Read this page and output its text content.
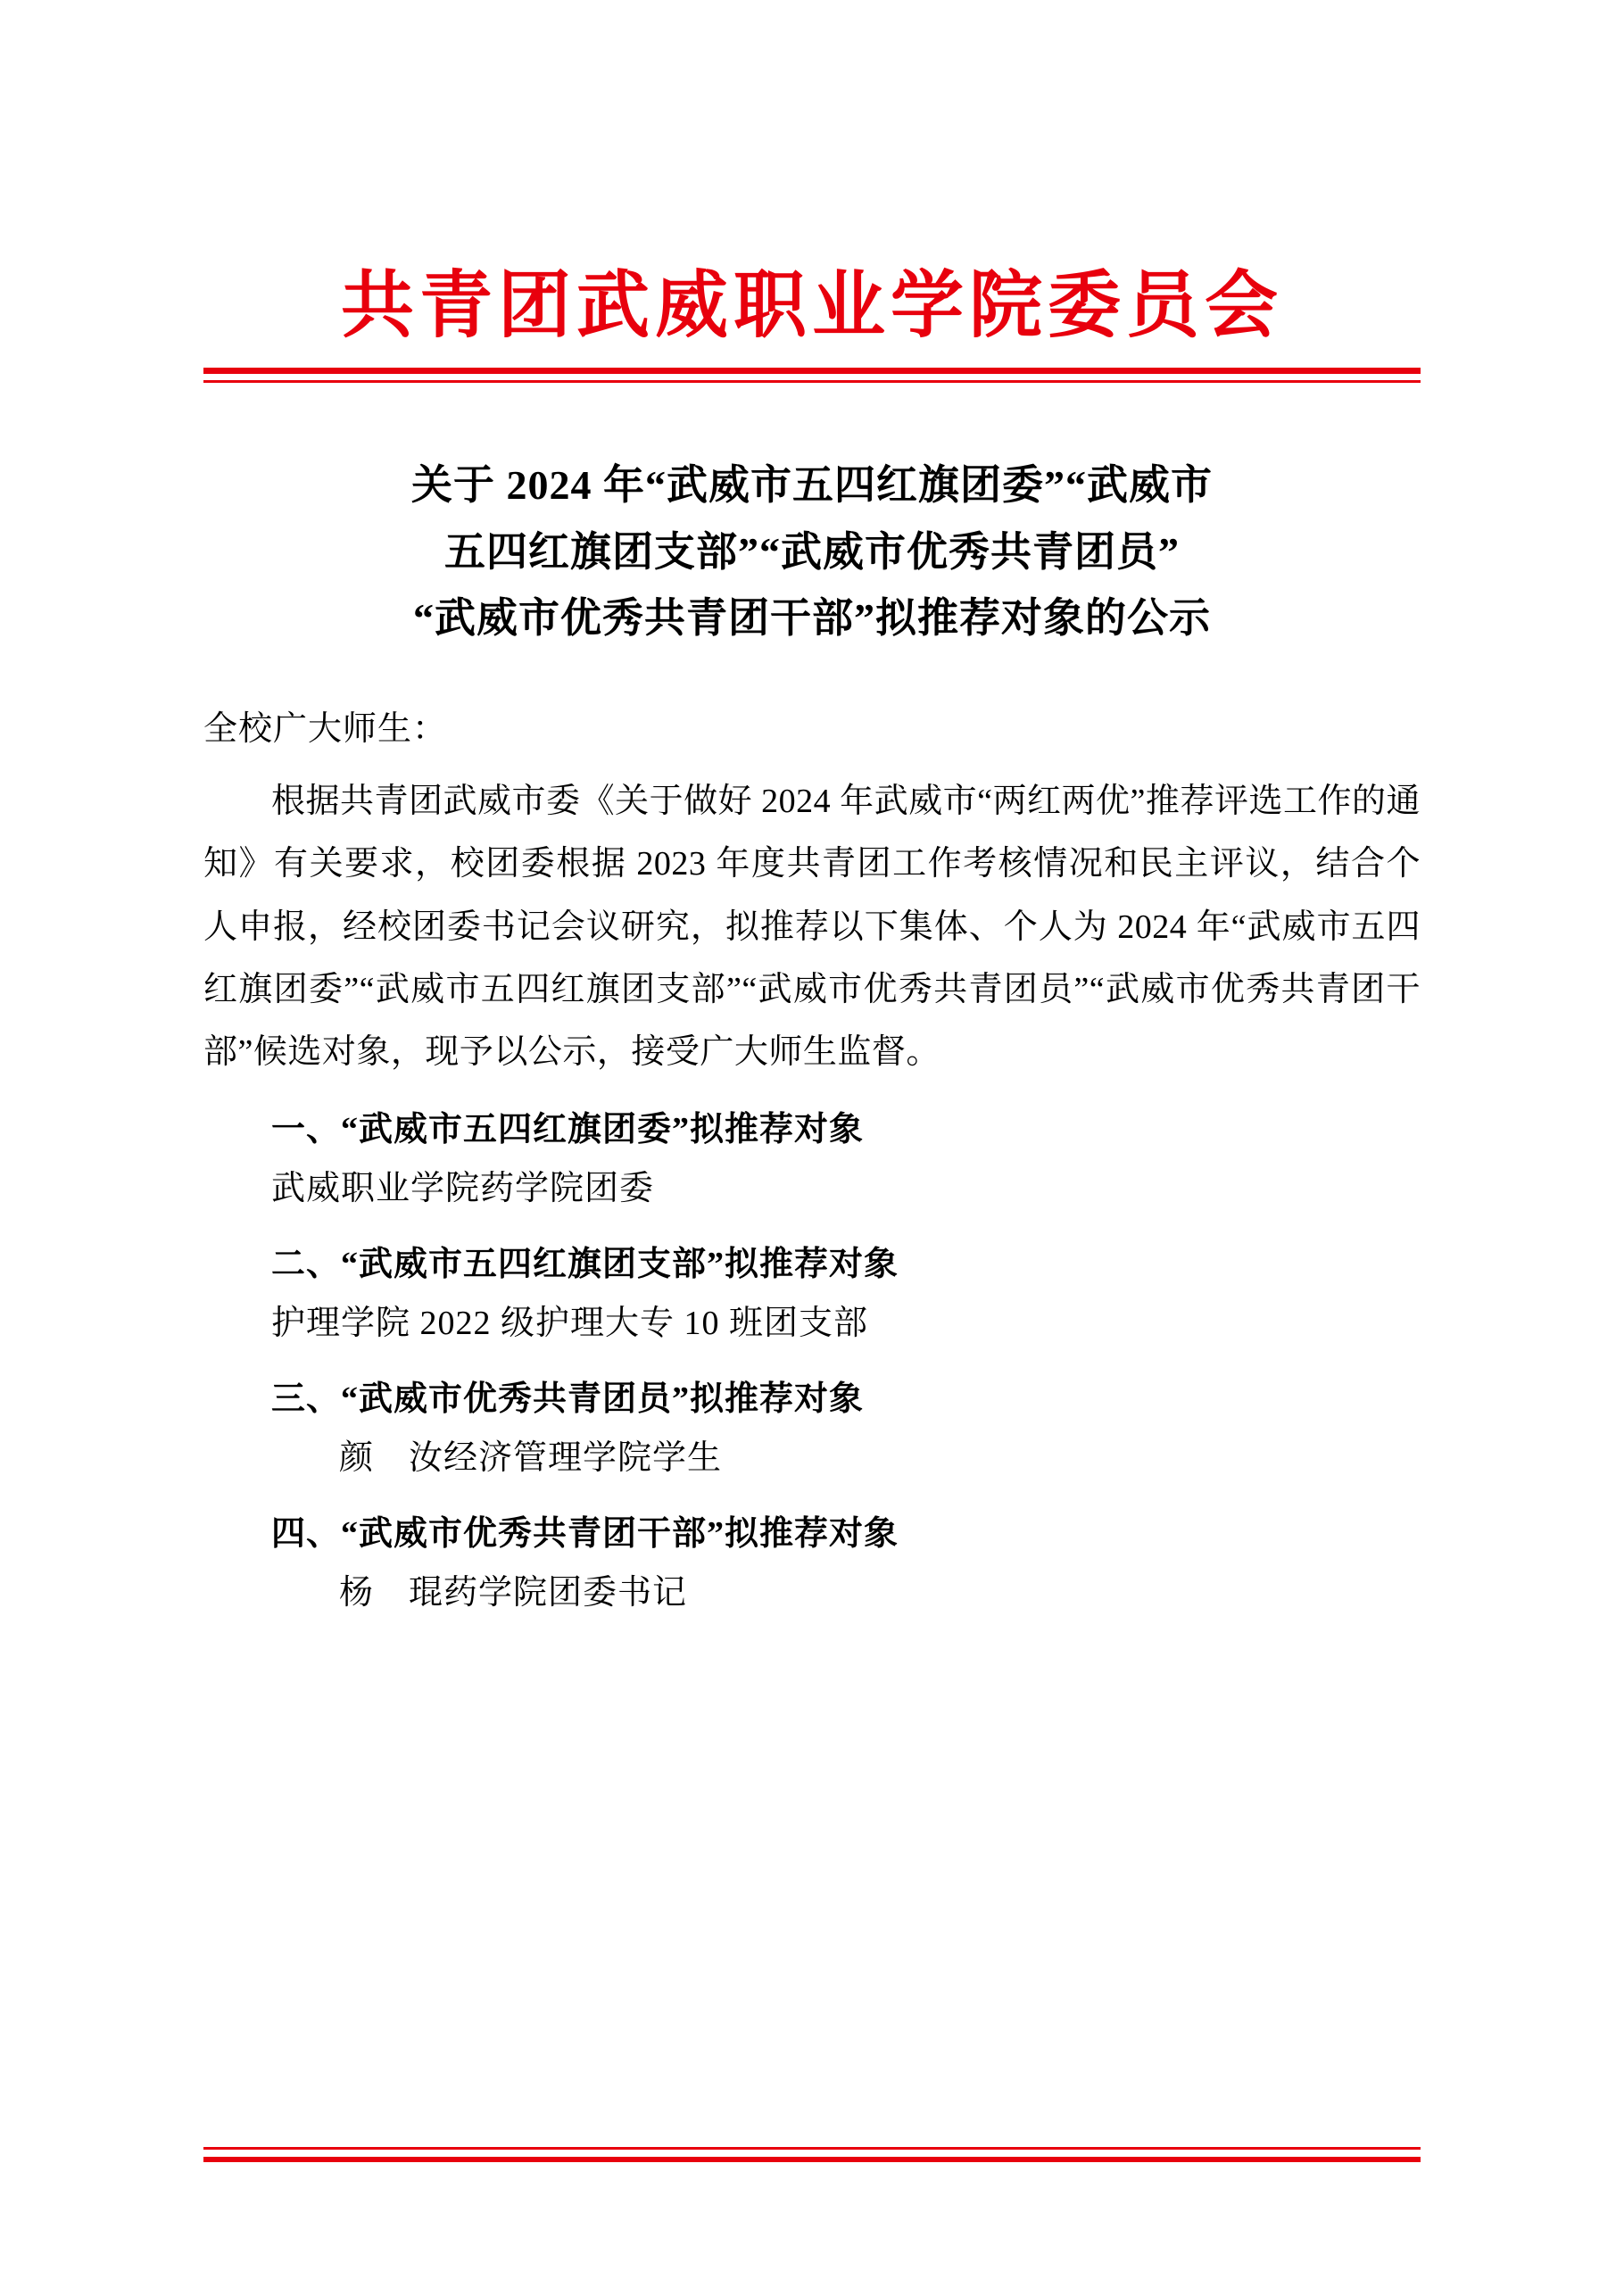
共青团武威职业学院委员会
关于 2024 年“武威市五四红旗团委”“武威市
五四红旗团支部”“武威市优秀共青团员”
“武威市优秀共青团干部”拟推荐对象的公示
全校广大师生：
根据共青团武威市委《关于做好 2024 年武威市“两红两优”推荐评选工作的通知》有关要求，校团委根据 2023 年度共青团工作考核情况和民主评议，结合个人申报，经校团委书记会议研究，拟推荐以下集体、个人为 2024 年“武威市五四红旗团委”“武威市五四红旗团支部”“武威市优秀共青团员”“武威市优秀共青团干部”候选对象，现予以公示，接受广大师生监督。
一、“武威市五四红旗团委”拟推荐对象
武威职业学院药学院团委
二、“武威市五四红旗团支部”拟推荐对象
护理学院 2022 级护理大专 10 班团支部
三、“武威市优秀共青团员”拟推荐对象
颜　汝经济管理学院学生
四、“武威市优秀共青团干部”拟推荐对象
杨　琨药学院团委书记
